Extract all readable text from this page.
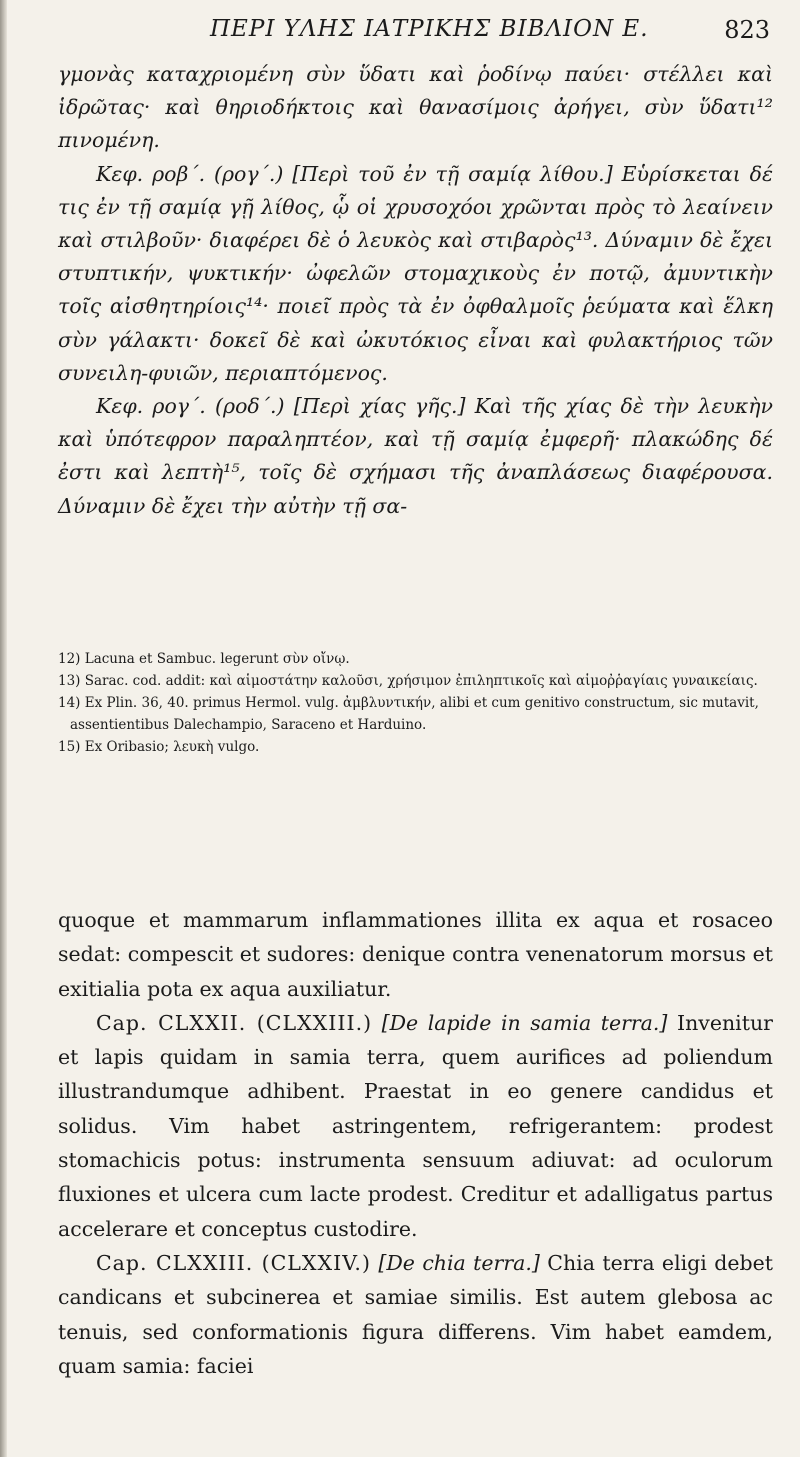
ΠΕΡΙ ΥΛΗΣ ΙΑΤΡΙΚΗΣ ΒΙΒΛΙΟΝ Ε.	823

γμονὰς καταχριομένη σὺν ὕδατι καὶ ῥοδίνῳ παύει· στέλλει καὶ ἱδρῶτας· καὶ θηριοδήκτοις καὶ θανασίμοις ἀρήγει, σὺν ὕδατι¹² πινομένη.

Κεφ. ροβ΄. (ρογ΄.) [Περὶ τοῦ ἐν τῇ σαμίᾳ λίθου.] Εὑρίσκεται δέ τις ἐν τῇ σαμίᾳ γῇ λίθος, ᾧ οἱ χρυσοχόοι χρῶνται πρὸς τὸ λεαίνειν καὶ στιλβοῦν· διαφέρει δὲ ὁ λευκὸς καὶ στιβαρὸς¹³. Δύναμιν δὲ ἔχει στυπτικήν, ψυκτικήν· ὠφελῶν στομαχικοὺς ἐν ποτῷ, ἀμυντικὴν τοῖς αἰσθητηρίοις¹⁴· ποιεῖ πρὸς τὰ ἐν ὀφθαλμοῖς ῥεύματα καὶ ἕλκη σὺν γάλακτι· δοκεῖ δὲ καὶ ὠκυτόκιος εἶναι καὶ φυλακτήριος τῶν συνειλη-φυιῶν, περιαπτόμενος.

Κεφ. ρογ΄. (ροδ΄.) [Περὶ χίας γῆς.] Καὶ τῆς χίας δὲ τὴν λευκὴν καὶ ὑπότεφρον παραληπτέον, καὶ τῇ σαμίᾳ ἐμφερῆ· πλακώδης δέ ἐστι καὶ λεπτὴ¹⁵, τοῖς δὲ σχήμασι τῆς ἀναπλάσεως διαφέρουσα. Δύναμιν δὲ ἔχει τὴν αὐτὴν τῇ σα-

12) Lacuna et Sambuc. legerunt σὺν οἴνῳ.
13) Sarac. cod. addit: καὶ αἱμοστάτην καλοῦσι, χρήσιμον ἐπιληπτικοῖς καὶ αἱμοῤῥαγίαις γυναικείαις.
14) Ex Plin. 36, 40. primus Hermol. vulg. ἀμβλυντικήν, alibi et cum genitivo constructum, sic mutavit, assentientibus Dalechampio, Saraceno et Harduino.
15) Ex Oribasio; λευκὴ vulgo.

quoque et mammarum inflammationes illita ex aqua et rosaceo sedat: compescit et sudores: denique contra venenatorum morsus et exitialia pota ex aqua auxiliatur.

Cap. CLXXII. (CLXXIII.) [De lapide in samia terra.] Invenitur et lapis quidam in samia terra, quem aurifices ad poliendum illustrandumque adhibent. Praestat in eo genere candidus et solidus. Vim habet astringentem, refrigerantem: prodest stomachicis potus: instrumenta sensuum adiuvat: ad oculorum fluxiones et ulcera cum lacte prodest. Creditur et adalligatus partus accelerare et conceptus custodire.

Cap. CLXXIII. (CLXXIV.) [De chia terra.] Chia terra eligi debet candicans et subcinerea et samiae similis. Est autem glebosa ac tenuis, sed conformationis figura differens. Vim habet eamdem, quam samia: faciei
